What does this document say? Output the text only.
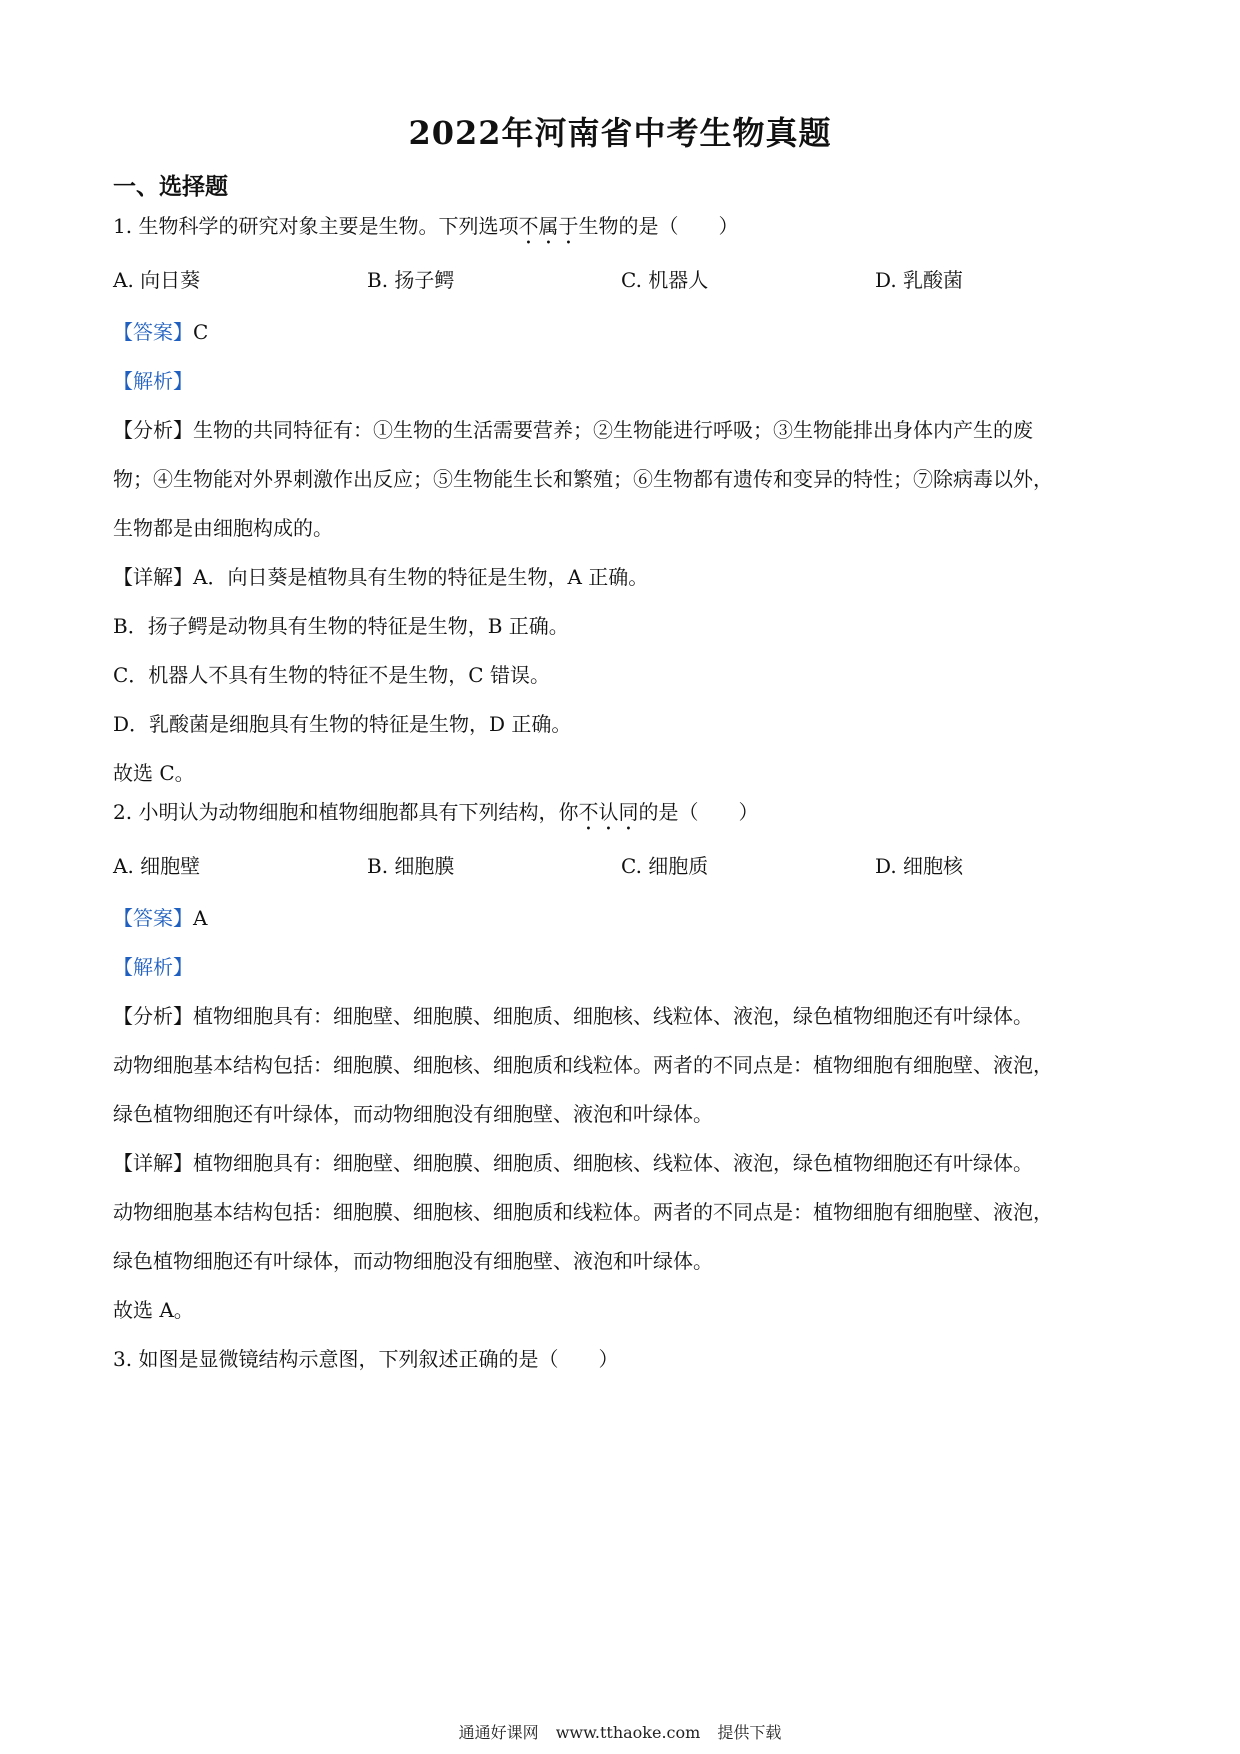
2022年河南省中考生物真题
一、选择题
1. 生物科学的研究对象主要是生物。下列选项不属于生物的是（　　）
A. 向日葵	B. 扬子鳄	C. 机器人	D. 乳酸菌
【答案】C
【解析】
【分析】生物的共同特征有：①生物的生活需要营养；②生物能进行呼吸；③生物能排出身体内产生的废
物；④生物能对外界刺激作出反应；⑤生物能生长和繁殖；⑥生物都有遗传和变异的特性；⑦除病毒以外，
生物都是由细胞构成的。
【详解】A．向日葵是植物具有生物的特征是生物，A 正确。
B．扬子鳄是动物具有生物的特征是生物，B 正确。
C．机器人不具有生物的特征不是生物，C 错误。
D．乳酸菌是细胞具有生物的特征是生物，D 正确。
故选 C。
2. 小明认为动物细胞和植物细胞都具有下列结构，你不认同的是（　　）
A. 细胞壁	B. 细胞膜	C. 细胞质	D. 细胞核
【答案】A
【解析】
【分析】植物细胞具有：细胞壁、细胞膜、细胞质、细胞核、线粒体、液泡，绿色植物细胞还有叶绿体。
动物细胞基本结构包括：细胞膜、细胞核、细胞质和线粒体。两者的不同点是：植物细胞有细胞壁、液泡，
绿色植物细胞还有叶绿体，而动物细胞没有细胞壁、液泡和叶绿体。
【详解】植物细胞具有：细胞壁、细胞膜、细胞质、细胞核、线粒体、液泡，绿色植物细胞还有叶绿体。
动物细胞基本结构包括：细胞膜、细胞核、细胞质和线粒体。两者的不同点是：植物细胞有细胞壁、液泡，
绿色植物细胞还有叶绿体，而动物细胞没有细胞壁、液泡和叶绿体。
故选 A。
3. 如图是显微镜结构示意图，下列叙述正确的是（　　）
通通好课网 www.tthaoke.com 提供下载
